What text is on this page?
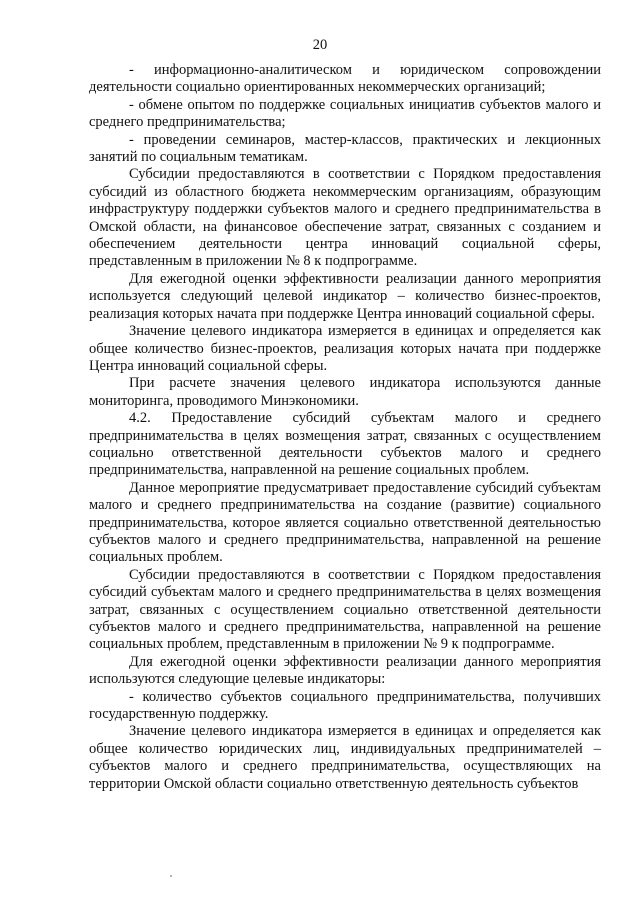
20

- информационно-аналитическом и юридическом сопровождении деятельности социально ориентированных некоммерческих организаций;

- обмене опытом по поддержке социальных инициатив субъектов малого и среднего предпринимательства;

- проведении семинаров, мастер-классов, практических и лекционных занятий по социальным тематикам.

Субсидии предоставляются в соответствии с Порядком предоставления субсидий из областного бюджета некоммерческим организациям, образующим инфраструктуру поддержки субъектов малого и среднего предпринимательства в Омской области, на финансовое обеспечение затрат, связанных с созданием и обеспечением деятельности центра инноваций социальной сферы, представленным в приложении № 8 к подпрограмме.

Для ежегодной оценки эффективности реализации данного мероприятия используется следующий целевой индикатор – количество бизнес-проектов, реализация которых начата при поддержке Центра инноваций социальной сферы.

Значение целевого индикатора измеряется в единицах и определяется как общее количество бизнес-проектов, реализация которых начата при поддержке Центра инноваций социальной сферы.

При расчете значения целевого индикатора используются данные мониторинга, проводимого Минэкономики.

4.2. Предоставление субсидий субъектам малого и среднего предпринимательства в целях возмещения затрат, связанных с осуществлением социально ответственной деятельности субъектов малого и среднего предпринимательства, направленной на решение социальных проблем.

Данное мероприятие предусматривает предоставление субсидий субъектам малого и среднего предпринимательства на создание (развитие) социального предпринимательства, которое является социально ответственной деятельностью субъектов малого и среднего предпринимательства, направленной на решение социальных проблем.

Субсидии предоставляются в соответствии с Порядком предоставления субсидий субъектам малого и среднего предпринимательства в целях возмещения затрат, связанных с осуществлением социально ответственной деятельности субъектов малого и среднего предпринимательства, направленной на решение социальных проблем, представленным в приложении № 9 к подпрограмме.

Для ежегодной оценки эффективности реализации данного мероприятия используются следующие целевые индикаторы:

- количество субъектов социального предпринимательства, получивших государственную поддержку.

Значение целевого индикатора измеряется в единицах и определяется как общее количество юридических лиц, индивидуальных предпринимателей – субъектов малого и среднего предпринимательства, осуществляющих на территории Омской области социально ответственную деятельность субъектов
